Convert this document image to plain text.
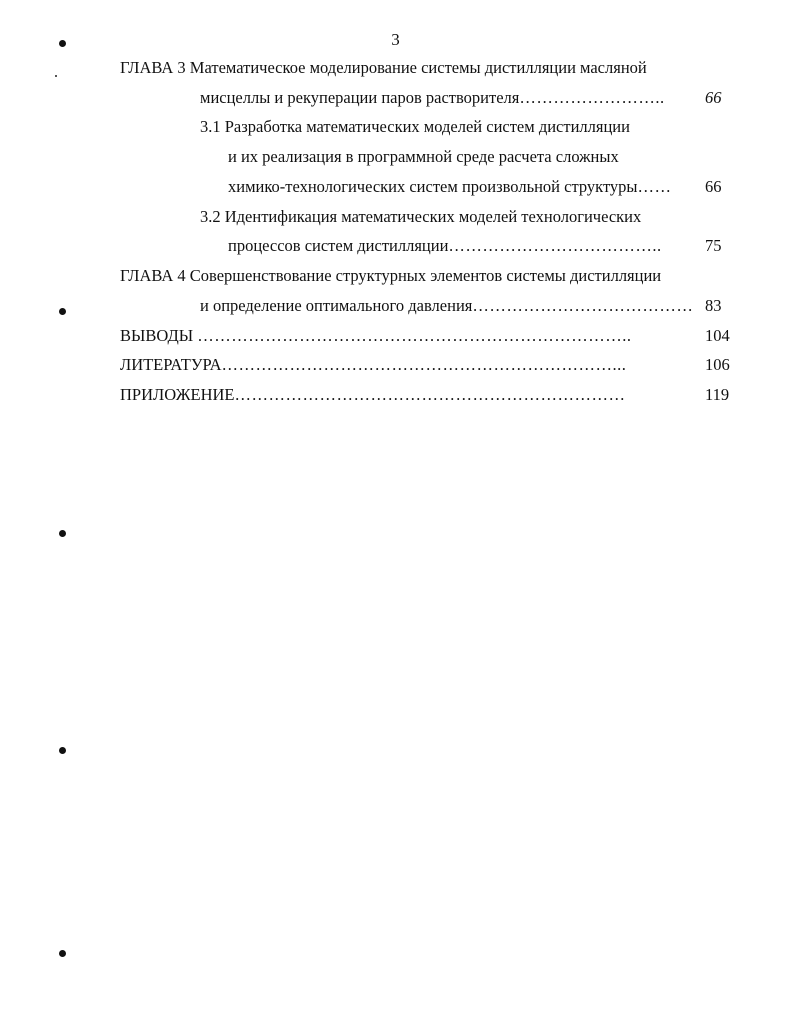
3
ГЛАВА 3 Математическое моделирование системы дистилляции масляной
мисцеллы и рекуперации паров растворителя…………………….. 66
3.1 Разработка математических моделей систем дистилляции
и их реализация в программной среде расчета сложных
химико-технологических систем произвольной структуры…… 66
3.2 Идентификация математических моделей технологических
процессов систем дистилляции………………………………..	75
ГЛАВА 4 Совершенствование структурных элементов системы дистилляции
и определение оптимального давления………………………………… 83
ВЫВОДЫ …………………………………………………………………..	104
ЛИТЕРАТУРА……………………………………………………………...	106
ПРИЛОЖЕНИЕ……………………………………………………………	119
